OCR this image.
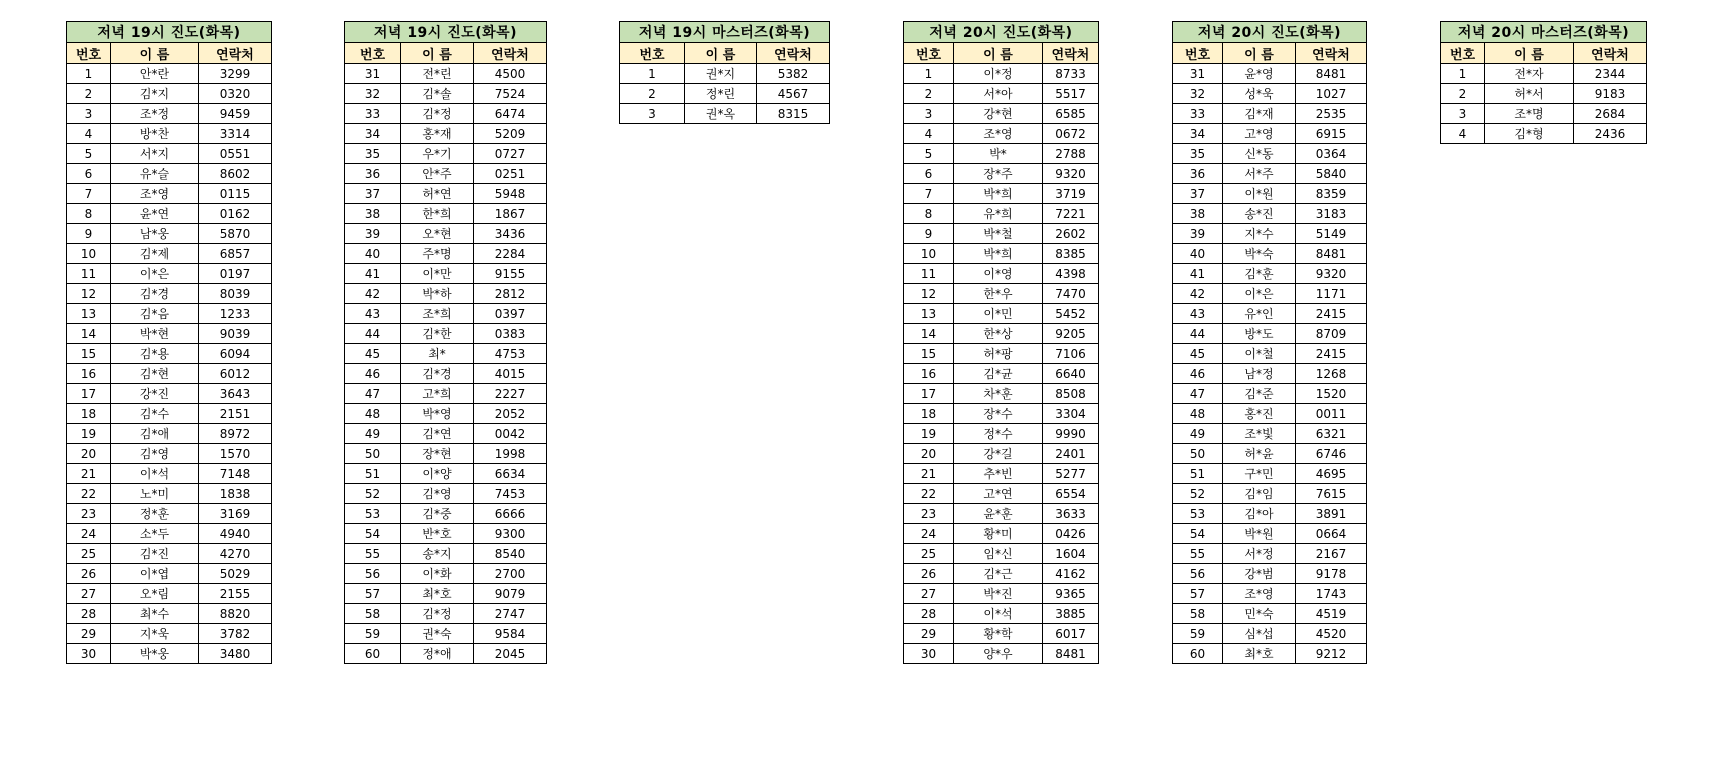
저녁 19시 진도(화목)		
번호	이 름	연락처
1	안*란	3299
2	김*지	0320
3	조*정	9459
4	방*찬	3314
5	서*지	0551
6	유*슬	8602
7	조*영	0115
8	윤*연	0162
9	남*웅	5870
10	김*제	6857
11	이*은	0197
12	김*경	8039
13	김*음	1233
14	박*현	9039
15	김*용	6094
16	김*현	6012
17	강*진	3643
18	김*수	2151
19	김*애	8972
20	김*영	1570
21	이*석	7148
22	노*미	1838
23	정*훈	3169
24	소*두	4940
25	김*진	4270
26	이*엽	5029
27	오*림	2155
28	최*수	8820
29	지*욱	3782
30	박*웅	3480
저녁 19시 진도(화목)		
번호	이 름	연락처
31	전*린	4500
32	김*솔	7524
33	김*정	6474
34	홍*재	5209
35	우*기	0727
36	안*주	0251
37	허*연	5948
38	한*희	1867
39	오*현	3436
40	주*명	2284
41	이*만	9155
42	박*하	2812
43	조*희	0397
44	김*한	0383
45	최*	4753
46	김*경	4015
47	고*희	2227
48	박*영	2052
49	김*연	0042
50	장*현	1998
51	이*양	6634
52	김*영	7453
53	김*중	6666
54	반*호	9300
55	송*지	8540
56	이*화	2700
57	최*호	9079
58	김*정	2747
59	권*숙	9584
60	정*애	2045
저녁 19시 마스터즈(화목)		
번호	이 름	연락처
1	권*지	5382
2	정*린	4567
3	권*옥	8315
저녁 20시 진도(화목)		
번호	이 름	연락처
1	이*정	8733
2	서*아	5517
3	강*현	6585
4	조*영	0672
5	박*	2788
6	장*주	9320
7	박*희	3719
8	유*희	7221
9	박*철	2602
10	박*희	8385
11	이*영	4398
12	한*우	7470
13	이*민	5452
14	한*상	9205
15	허*팡	7106
16	김*균	6640
17	차*훈	8508
18	장*수	3304
19	정*수	9990
20	강*길	2401
21	추*빈	5277
22	고*연	6554
23	윤*훈	3633
24	황*미	0426
25	임*신	1604
26	김*근	4162
27	박*진	9365
28	이*석	3885
29	황*학	6017
30	양*우	8481
저녁 20시 진도(화목)		
번호	이 름	연락처
31	윤*영	8481
32	성*욱	1027
33	김*재	2535
34	고*영	6915
35	신*동	0364
36	서*주	5840
37	이*원	8359
38	송*진	3183
39	지*수	5149
40	박*숙	8481
41	김*훈	9320
42	이*은	1171
43	유*인	2415
44	방*도	8709
45	이*철	2415
46	남*정	1268
47	김*준	1520
48	홍*진	0011
49	조*빛	6321
50	허*윤	6746
51	구*민	4695
52	김*임	7615
53	김*아	3891
54	박*원	0664
55	서*정	2167
56	강*범	9178
57	조*영	1743
58	민*숙	4519
59	심*섭	4520
60	최*호	9212
저녁 20시 마스터즈(화목)		
번호	이 름	연락처
1	전*자	2344
2	허*서	9183
3	조*명	2684
4	김*형	2436
